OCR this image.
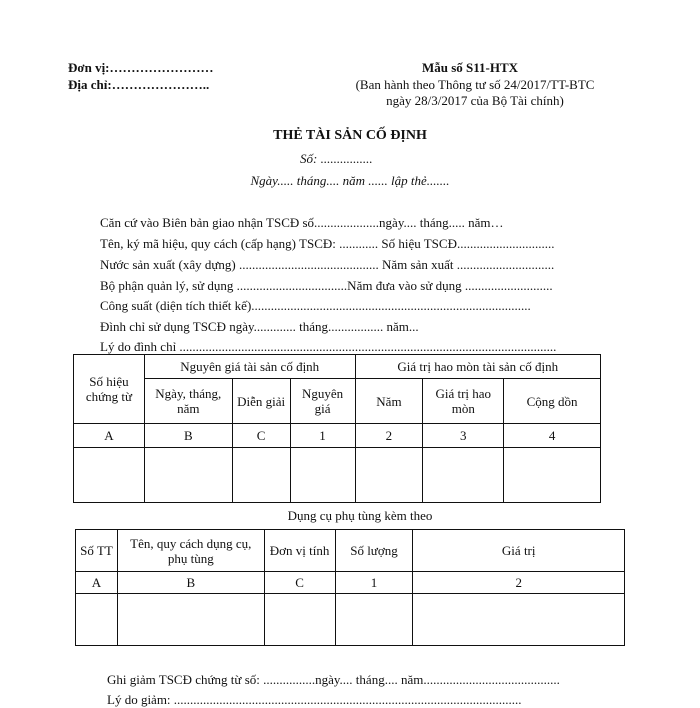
Đơn vị:……………………
Địa chỉ:…………………..
Mẫu số S11-HTX
(Ban hành theo Thông tư số 24/2017/TT-BTC
ngày 28/3/2017 của Bộ Tài chính)
THẺ TÀI SẢN CỐ ĐỊNH
Số: ................
Ngày..... tháng.... năm ...... lập thẻ.......
Căn cứ vào Biên bản giao nhận TSCĐ số....................ngày.... tháng..... năm…
Tên, ký mã hiệu, quy cách (cấp hạng) TSCĐ: ............ Số hiệu TSCĐ..............................
Nước sản xuất (xây dựng) ........................................... Năm sản xuất ..............................
Bộ phận quản lý, sử dụng ..................................Năm đưa vào sử dụng ...........................
Công suất (diện tích thiết kế)......................................................................................
Đình chỉ sử dụng TSCĐ ngày............. tháng................. năm...
Lý do đình chỉ ....................................................................................................................
Số hiệu chứng từ	Nguyên giá tài sản cố định			Giá trị hao mòn tài sản cố định		
	Ngày, tháng, năm	Diễn giải	Nguyên giá	Năm	Giá trị hao mòn	Cộng dồn
A	B	C	1	2	3	4

Dụng cụ phụ tùng kèm theo
Số TT	Tên, quy cách dụng cụ, phụ tùng	Đơn vị tính	Số lượng	Giá trị
A	B	C	1	2

Ghi giảm TSCĐ chứng từ số: ................ngày.... tháng.... năm..........................................
Lý do giảm: ...........................................................................................................
